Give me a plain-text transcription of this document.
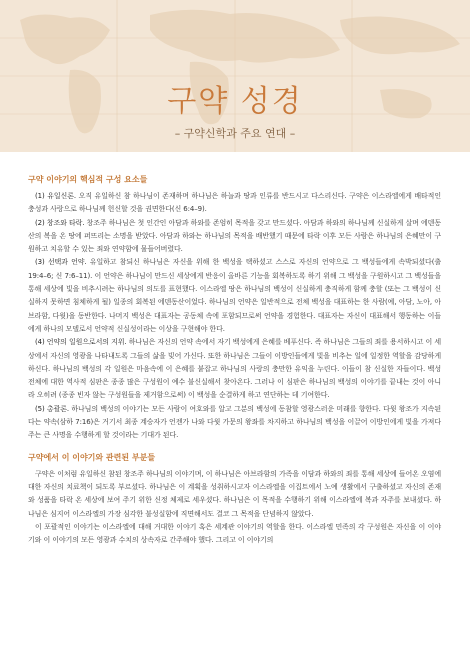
구약 성경
– 구약신학과 주요 연대 –
구약 이야기의 핵심적 구성 요소들

(1) 유일신론. 오직 유일하신 참 하나님이 존재하며 하나님은 하늘과 땅과 인류를 반드시고 다스리신다. 구약은 이스라엘에게 배타적인 충성과 사랑으로 하나님께 헌신할 것을 권면한다(신 6:4–9).

(2) 창조와 타락. 창조주 하나님은 첫 인간인 아담과 하와를 존엄히 목적을 갖고 만드셨다. 아담과 하와의 하나님께 신실하게 살며 에덴동산의 복을 온 땅에 퍼뜨리는 소명을 받았다. 아담과 하와는 하나님의 목적을 배반했기 때문에 타락 이후 모든 사람은 하나님의 은혜만이 구원하고 치유할 수 있는 죄와 연약함에 물들어버렸다.

(3) 선택과 언약. 유일하고 참되신 하나님은 자신을 위해 한 백성을 택하셨고 스스로 자신의 언약으로 그 백성들에게 속박되셨다(출 19:4–6; 신 7:6–11). 이 언약은 하나님이 만드신 세상에게 반응이 올바른 기능을 회복하도록 하기 위해 그 백성을 구원하시고 그 백성들을 통해 세상에 빛을 비추시려는 하나님의 의도를 표현했다. 이스라엘 땅은 하나님의 백성이 신실하게 충직하게 함께 충할 (또는 그 백성이 신실하지 못하면 침체하게 될) 일종의 회복된 에덴동산이었다. 하나님의 언약은 일반적으로 전체 백성을 대표하는 한 사람(예, 아담, 노아, 아브라함, 다윗)을 동반한다. 나머지 백성은 대표자는 공동체 속에 포함되므로써 언약을 경험한다. 대표자는 자신이 대표해서 행동하는 이들에게 하나의 모델로서 언약적 신실성이라는 이상을 구현해야 한다.

(4) 언약의 일원으로서의 지위. 하나님은 자신의 언약 속에서 자기 백성에게 은혜를 베푸신다. 즉 하나님은 그들의 죄를 용서하시고 이 세상에서 자신의 영광을 나타내도록 그들의 삶을 빚어 가신다. 또한 하나님은 그들이 이방인들에게 빛을 비추는 일에 일정한 역할을 감당하게 하신다. 하나님의 백성의 각 일원은 마음속에 이 은혜를 붙잡고 하나님의 사랑의 충만한 유익을 누린다. 이들이 참 신실한 자들이다. 백성 전체에 대한 역사적 심판은 종종 많은 구성원이 예수 불신실해서 찾아온다. 그러나 이 심판은 하나님의 백성의 이야기를 끝내는 것이 아니라 오히려 (종종 빈자 않는 구성원들을 제거함으로써) 이 백성을 순결하게 하고 연단하는 데 기여한다.

(5) 총괄론. 하나님의 백성의 이야기는 모든 사람이 여호와를 알고 그분의 백성에 동참할 영광스러운 미래를 향한다. 다윗 왕조가 지속된다는 약속(삼하 7:16)은 거기서 최종 계승자가 언젠가 나와 다윗 가문의 왕좌를 차지하고 하나님의 백성을 이끌어 이방인에게 빛을 가져다주는 큰 사명을 수행하게 할 것이라는 기대가 된다.

구약에서 이 이야기와 관련된 부분들

구약은 이처럼 유일하신 참된 창조주 하나님의 이야기며, 이 하나님은 아브라함의 가족을 이담과 하와의 죄를 통해 세상에 들어온 오염에 대한 자신의 치료책이 되도록 부르셨다. 하나님은 이 계획을 성취하시고자 이스라엘을 이집트에서 노예 생활에서 구출하셨고 자신의 존재와 성품을 타락 온 세상에 보여 주기 위한 신정 체제로 세우셨다. 하나님은 이 목적을 수행하기 위해 이스라엘에 복과 자주를 보내셨다. 하나님은 심지어 이스라엘의 가장 심각한 불성실함에 직면해서도 결코 그 목적을 단념하지 않았다.

이 포괄적인 이야기는 이스라엘에 대해 거대한 이야기 혹은 세계관 이야기의 역할을 한다. 이스라엘 민족의 각 구성원은 자신을 이 이야기와 이 이야기의 모든 영광과 수치의 상속자로 간주해야 했다. 그리고 이 이야기의
